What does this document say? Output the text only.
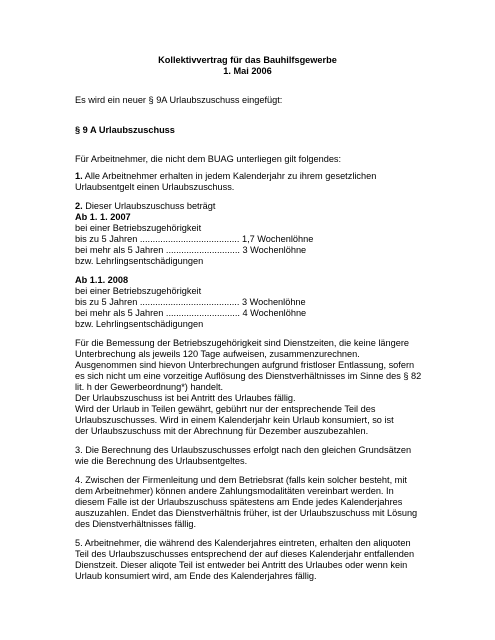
Kollektivvertrag für das Bauhilfsgewerbe
1. Mai 2006
Es wird ein neuer § 9A Urlaubszuschuss eingefügt:
§ 9 A Urlaubszuschuss
Für Arbeitnehmer, die nicht dem BUAG unterliegen gilt folgendes:
1. Alle Arbeitnehmer erhalten in jedem Kalenderjahr zu ihrem gesetzlichen
Urlaubsentgelt einen Urlaubszuschuss.
2. Dieser Urlaubszuschuss beträgt
Ab 1. 1. 2007
bei einer Betriebszugehörigkeit
bis zu 5 Jahren ....................................... 1,7 Wochenlöhne
bei mehr als 5 Jahren ............................. 3 Wochenlöhne
bzw. Lehrlingsentschädigungen
Ab 1.1. 2008
bei einer Betriebszugehörigkeit
bis zu 5 Jahren ....................................... 3 Wochenlöhne
bei mehr als 5 Jahren ............................. 4 Wochenlöhne
bzw. Lehrlingsentschädigungen
Für die Bemessung der Betriebszugehörigkeit sind Dienstzeiten, die keine längere
Unterbrechung als jeweils 120 Tage aufweisen, zusammenzurechnen.
Ausgenommen sind hievon Unterbrechungen aufgrund fristloser Entlassung, sofern
es sich nicht um eine vorzeitige Auflösung des Dienstverhältnisses im Sinne des § 82
lit. h der Gewerbeordnung*) handelt.
Der Urlaubszuschuss ist bei Antritt des Urlaubes fällig.
Wird der Urlaub in Teilen gewährt, gebührt nur der entsprechende Teil des
Urlaubszuschusses. Wird in einem Kalenderjahr kein Urlaub konsumiert, so ist
der Urlaubszuschuss mit der Abrechnung für Dezember auszubezahlen.
3. Die Berechnung des Urlaubszuschusses erfolgt nach den gleichen Grundsätzen
wie die Berechnung des Urlaubsentgeltes.
4. Zwischen der Firmenleitung und dem Betriebsrat (falls kein solcher besteht, mit
dem Arbeitnehmer) können andere Zahlungsmodalitäten vereinbart werden. In
diesem Falle ist der Urlaubszuschuss spätestens am Ende jedes Kalenderjahres
auszuzahlen. Endet das Dienstverhältnis früher, ist der Urlaubszuschuss mit Lösung
des Dienstverhältnisses fällig.
5. Arbeitnehmer, die während des Kalenderjahres eintreten, erhalten den aliquoten
Teil des Urlaubszuschusses entsprechend der auf dieses Kalenderjahr entfallenden
Dienstzeit. Dieser aliqote Teil ist entweder bei Antritt des Urlaubes oder wenn kein
Urlaub konsumiert wird, am Ende des Kalenderjahres fällig.
